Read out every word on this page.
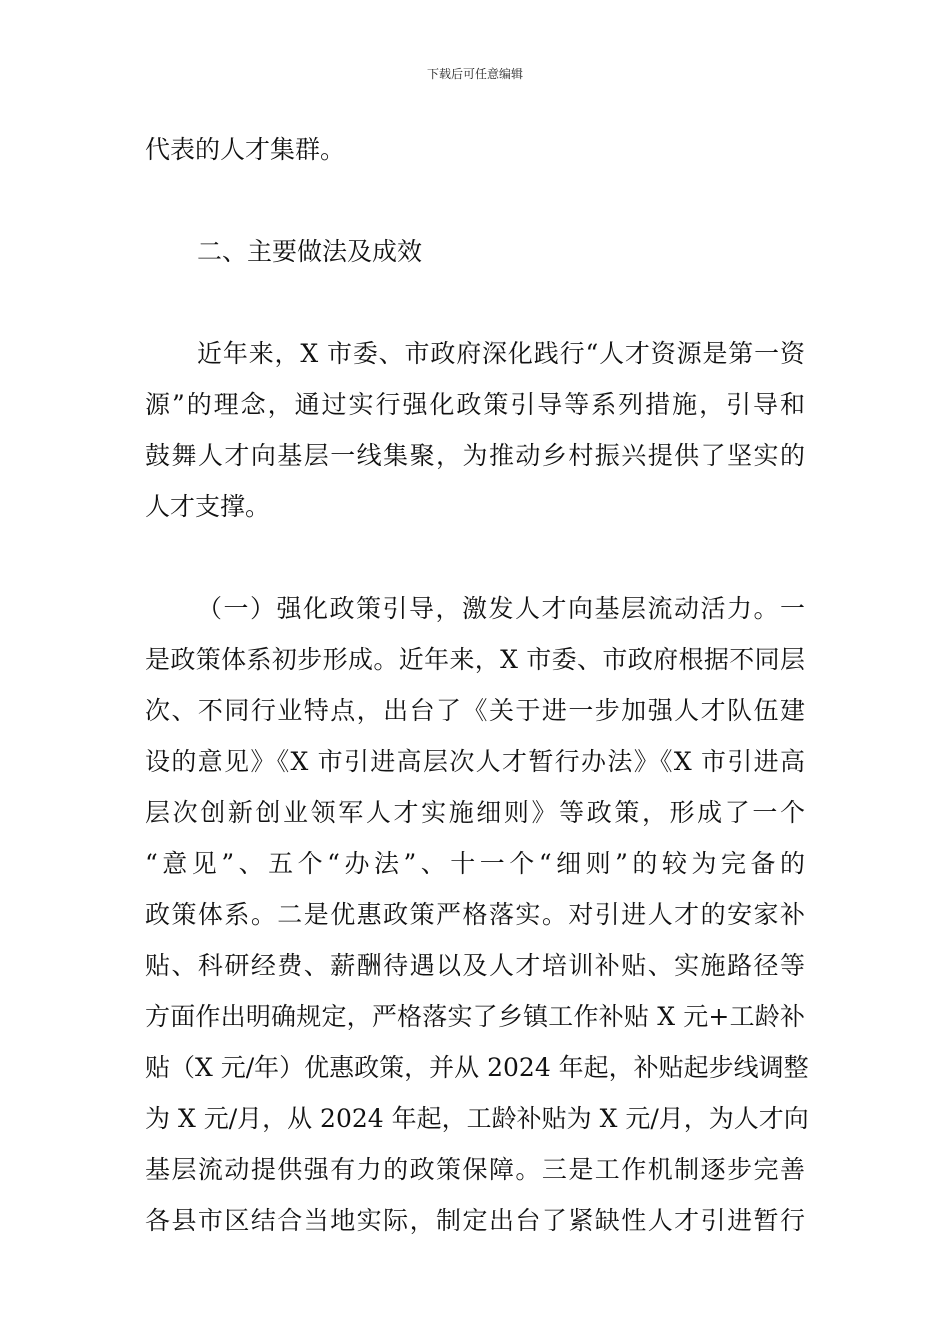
下载后可任意编辑
代表的人才集群。
二、主要做法及成效
近年来，X 市委、市政府深化践行“人才资源是第一资
源”的理念，通过实行强化政策引导等系列措施，引导和
鼓舞人才向基层一线集聚，为推动乡村振兴提供了坚实的
人才支撑。
（一）强化政策引导，激发人才向基层流动活力。一
是政策体系初步形成。近年来，X 市委、市政府根据不同层
次、不同行业特点，出台了《关于进一步加强人才队伍建
设的意见》《X 市引进高层次人才暂行办法》《X 市引进高
层次创新创业领军人才实施细则》等政策，形成了一个
“意见”、五个“办法”、十一个“细则”的较为完备的
政策体系。二是优惠政策严格落实。对引进人才的安家补
贴、科研经费、薪酬待遇以及人才培训补贴、实施路径等
方面作出明确规定，严格落实了乡镇工作补贴 X 元+工龄补
贴（X 元/年）优惠政策，并从 2024 年起，补贴起步线调整
为 X 元/月，从 2024 年起，工龄补贴为 X 元/月，为人才向
基层流动提供强有力的政策保障。三是工作机制逐步完善
各县市区结合当地实际，制定出台了紧缺性人才引进暂行
